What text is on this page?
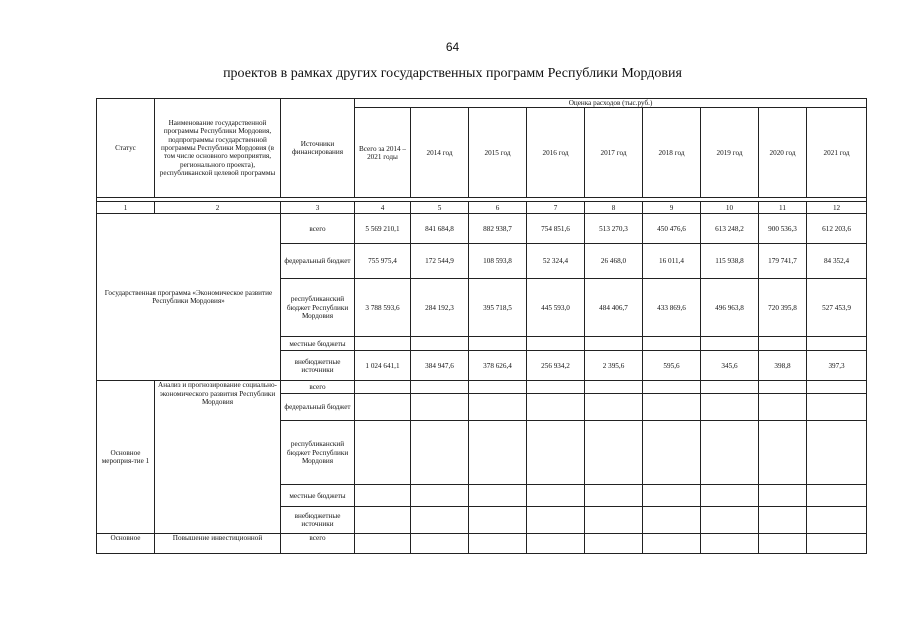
64
проектов в рамках других государственных программ Республики Мордовия
Статус	Наименование государственной программы Республики Мордовия, подпрограммы государственной программы Республики Мордовия (в том числе основного мероприятия, регионального проекта), республиканской целевой программы	Источники финансирования	Оценка расходов (тыс.руб.)								
			Всего за 2014 – 2021 годы	2014 год	2015 год	2016 год	2017 год	2018 год	2019 год	2020 год	2021 год

1	2	3	4	5	6	7	8	9	10	11	12
Государственная программа «Экономическое развитие Республики Мордовия»		всего	5 569 210,1	841 684,8	882 938,7	754 851,6	513 270,3	450 476,6	613 248,2	900 536,3	612 203,6
		федеральный бюджет	755 975,4	172 544,9	108 593,8	52 324,4	26 468,0	16 011,4	115 938,8	179 741,7	84 352,4
		республиканский бюджет Республики Мордовия	3 788 593,6	284 192,3	395 718,5	445 593,0	484 406,7	433 869,6	496 963,8	720 395,8	527 453,9
		местные бюджеты									
		внебюджетные источники	1 024 641,1	384 947,6	378 626,4	256 934,2	2 395,6	595,6	345,6	398,8	397,3
Основное мероприя-тие 1	Анализ и прогнозирование социально-экономического развития Республики Мордовия	всего									
		федеральный бюджет									
		республиканский бюджет Республики Мордовия									
		местные бюджеты									
		внебюджетные источники									
Основное	Повышение инвестиционной	всего									
